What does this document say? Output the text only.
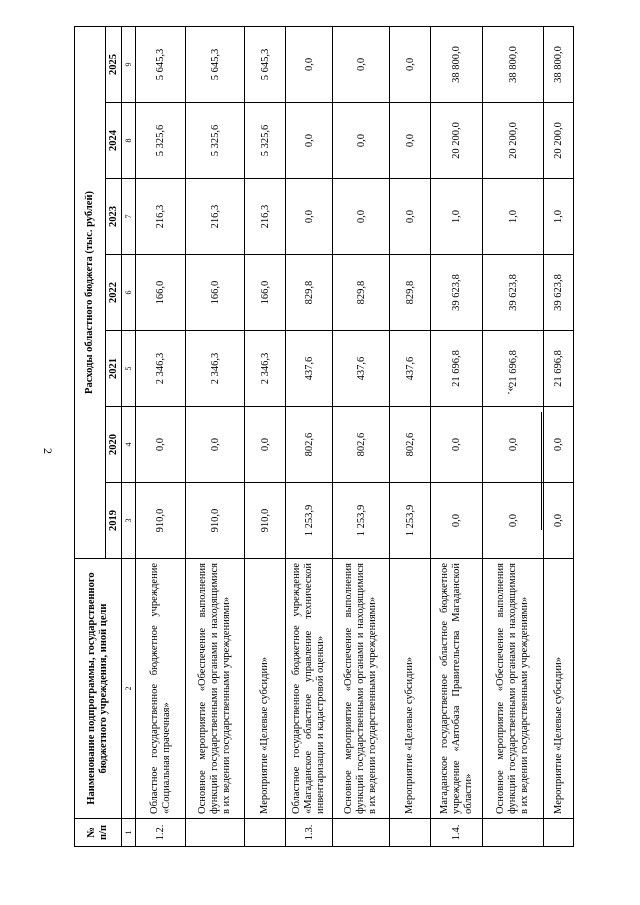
2
№ п/п	Наименование подпрограммы, государственного бюджетного учреждения, иной цели	Расходы областного бюджета (тыс. рублей)						
		2019	2020	2021	2022	2023	2024	2025
1	2	3	4	5	6	7	8	9
1.2.	Областное государственное бюджетное учреждение «Социальная прачечная»	910,0	0,0	2 346,3	166,0	216,3	5 325,6	5 645,3
	Основное мероприятие «Обеспечение выполнения функций государственными органами и находящимися в их ведении государственными учреждениями»	910,0	0,0	2 346,3	166,0	216,3	5 325,6	5 645,3
	Мероприятие «Целевые субсидии»	910,0	0,0	2 346,3	166,0	216,3	5 325,6	5 645,3
1.3.	Областное государственное бюджетное учреждение «Магаданское областное управление технической инвентаризации и кадастровой оценки»	1 253,9	802,6	437,6	829,8	0,0	0,0	0,0
	Основное мероприятие «Обеспечение выполнения функций государственными органами и находящимися в их ведении государственными учреждениями»	1 253,9	802,6	437,6	829,8	0,0	0,0	0,0
	Мероприятие «Целевые субсидии»	1 253,9	802,6	437,6	829,8	0,0	0,0	0,0
1.4.	Магаданское государственное областное бюджетное учреждение «Автобаза Правительства Магаданской области»	0,0	0,0	21 696,8	39 623,8	1,0	20 200,0	38 800,0
	Основное мероприятие «Обеспечение выполнения функций государственными органами и находящимися в их ведении государственными учреждениями»	0,0	0,0	21 696,8	39 623,8	1,0	20 200,0	38 800,0
	Мероприятие «Целевые субсидии»	0,0	0,0	21 696,8	39 623,8	1,0	20 200,0	38 800,0
».
